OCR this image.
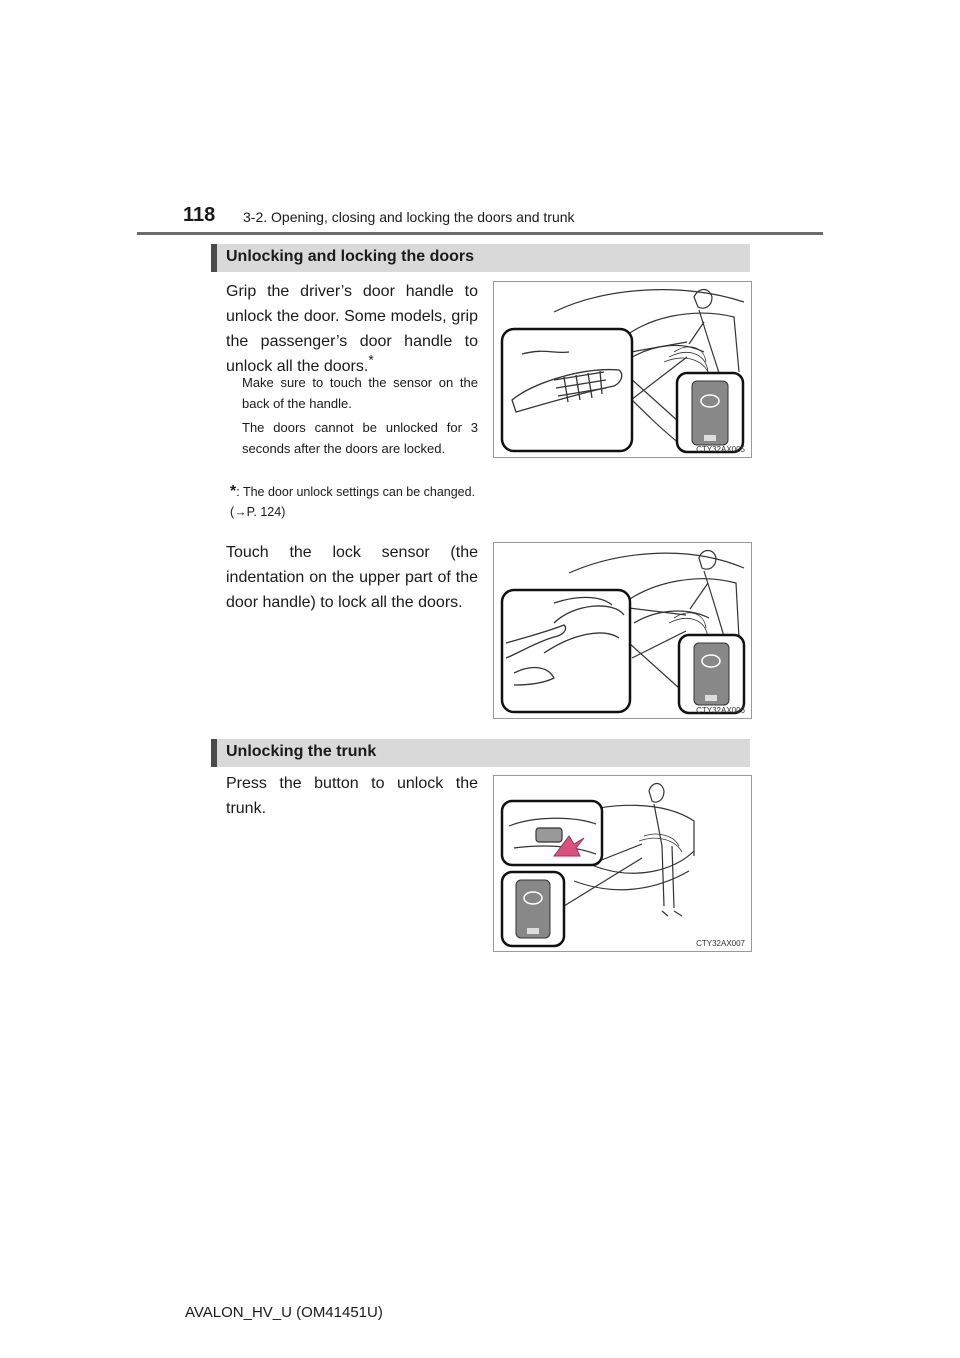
118 3-2. Opening, closing and locking the doors and trunk
Unlocking and locking the doors
Grip the driver’s door handle to unlock the door. Some models, grip the passenger’s door handle to unlock all the doors.*
Make sure to touch the sensor on the back of the handle.
The doors cannot be unlocked for 3 seconds after the doors are locked.
*: The door unlock settings can be changed. (→P. 124)
CTY32AX005
Touch the lock sensor (the indentation on the upper part of the door handle) to lock all the doors.
CTY32AX006
Unlocking the trunk
Press the button to unlock the trunk.
CTY32AX007
AVALON_HV_U (OM41451U)
